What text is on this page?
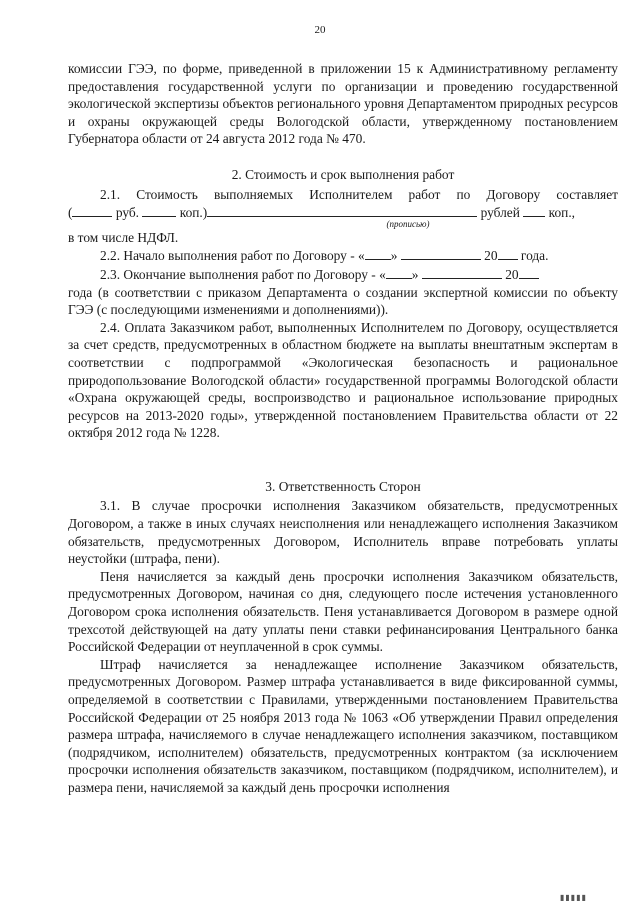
20

комиссии ГЭЭ, по форме, приведенной в приложении 15 к Административному регламенту предоставления государственной услуги по организации и проведению государственной экологической экспертизы объектов регионального уровня Департаментом природных ресурсов и охраны окружающей среды Вологодской области, утвержденному постановлением Губернатора области от 24 августа 2012 года № 470.

2. Стоимость и срок выполнения работ

2.1. Стоимость выполняемых Исполнителем работ по Договору составляет

(	руб.	коп.)	рублей коп.,

(прописью)

в том числе НДФЛ.

2.2. Начало выполнения работ по Договору - « »	20 года.

2.3. Окончание выполнения работ по Договору - « »	20

года (в соответствии с приказом Департамента о создании экспертной комиссии по объекту ГЭЭ (с последующими изменениями и дополнениями)).

2.4. Оплата Заказчиком работ, выполненных Исполнителем по Договору, осуществляется за счет средств, предусмотренных в областном бюджете на выплаты внештатным экспертам в соответствии с подпрограммой «Экологическая безопасность и рациональное природопользование Вологодской области» государственной программы Вологодской области «Охрана окружающей среды, воспроизводство и рациональное использование природных ресурсов на 2013-2020 годы», утвержденной постановлением Правительства области от 22 октября 2012 года № 1228.

3. Ответственность Сторон

3.1. В случае просрочки исполнения Заказчиком обязательств, предусмотренных Договором, а также в иных случаях неисполнения или ненадлежащего исполнения Заказчиком обязательств, предусмотренных Договором, Исполнитель вправе потребовать уплаты неустойки (штрафа, пени).

Пеня начисляется за каждый день просрочки исполнения Заказчиком обязательств, предусмотренных Договором, начиная со дня, следующего после истечения установленного Договором срока исполнения обязательств. Пеня устанавливается Договором в размере одной трехсотой действующей на дату уплаты пени ставки рефинансирования Центрального банка Российской Федерации от неуплаченной в срок суммы.

Штраф начисляется за ненадлежащее исполнение Заказчиком обязательств, предусмотренных Договором. Размер штрафа устанавливается в виде фиксированной суммы, определяемой в соответствии с Правилами, утвержденными постановлением Правительства Российской Федерации от 25 ноября 2013 года № 1063 «Об утверждении Правил определения размера штрафа, начисляемого в случае ненадлежащего исполнения заказчиком, поставщиком (подрядчиком, исполнителем) обязательств, предусмотренных контрактом (за исключением просрочки исполнения обязательств заказчиком, поставщиком (подрядчиком, исполнителем), и размера пени, начисляемой за каждый день просрочки исполнения

▮▮▮▮▮
